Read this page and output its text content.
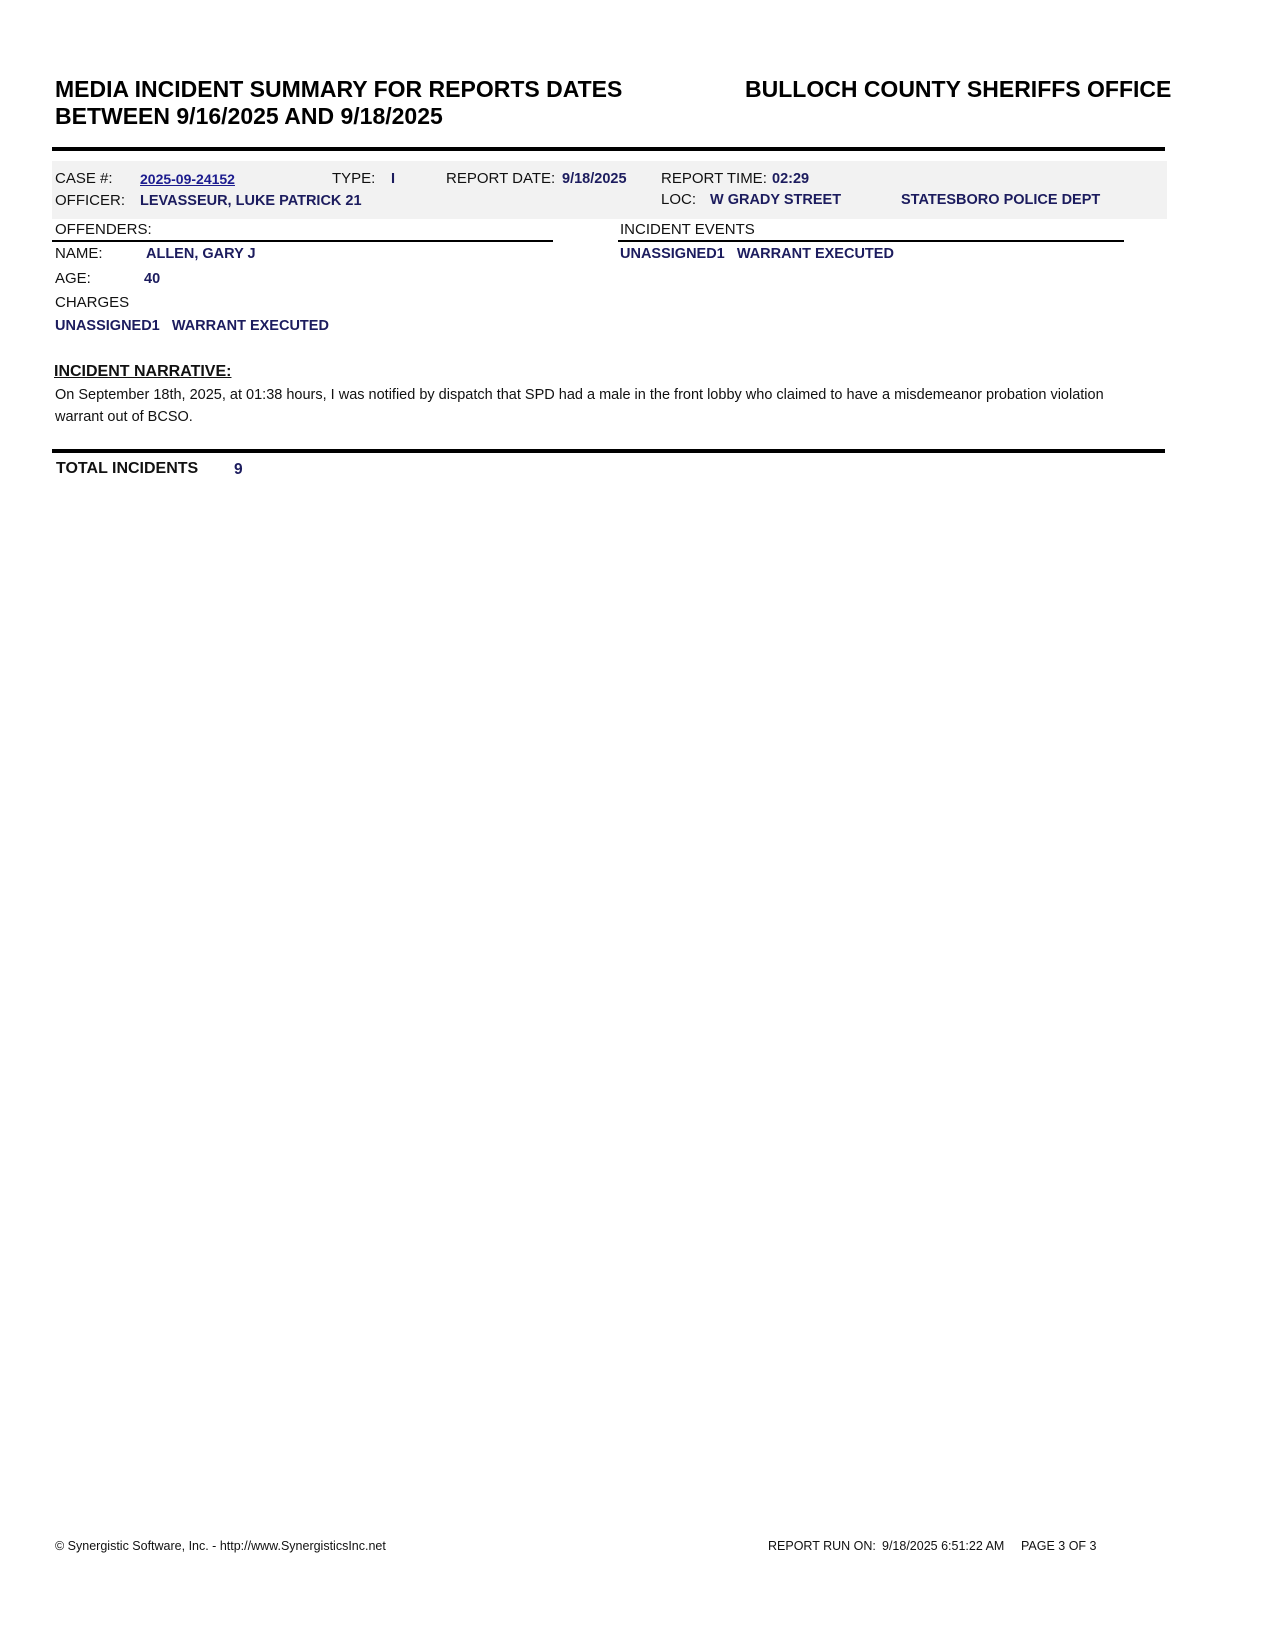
MEDIA INCIDENT SUMMARY FOR REPORTS DATES
BETWEEN 9/16/2025 AND 9/18/2025
BULLOCH COUNTY SHERIFFS OFFICE
CASE #: 2025-09-24152	TYPE: I	REPORT DATE: 9/18/2025 REPORT TIME: 02:29
OFFICER: LEVASSEUR, LUKE PATRICK 21	LOC: W GRADY STREET	STATESBORO POLICE DEPT
OFFENDERS:
NAME:	ALLEN, GARY J
AGE:	40
CHARGES
UNASSIGNED1   WARRANT EXECUTED
INCIDENT EVENTS
UNASSIGNED1   WARRANT EXECUTED
INCIDENT NARRATIVE:
On September 18th, 2025, at 01:38 hours, I was notified by dispatch that SPD had a male in the front lobby who claimed to have a misdemeanor probation violation warrant out of BCSO.
TOTAL INCIDENTS 9
© Synergistic Software, Inc. - http://www.SynergisticsInc.net	REPORT RUN ON: 9/18/2025 6:51:22 AM PAGE 3 OF 3
